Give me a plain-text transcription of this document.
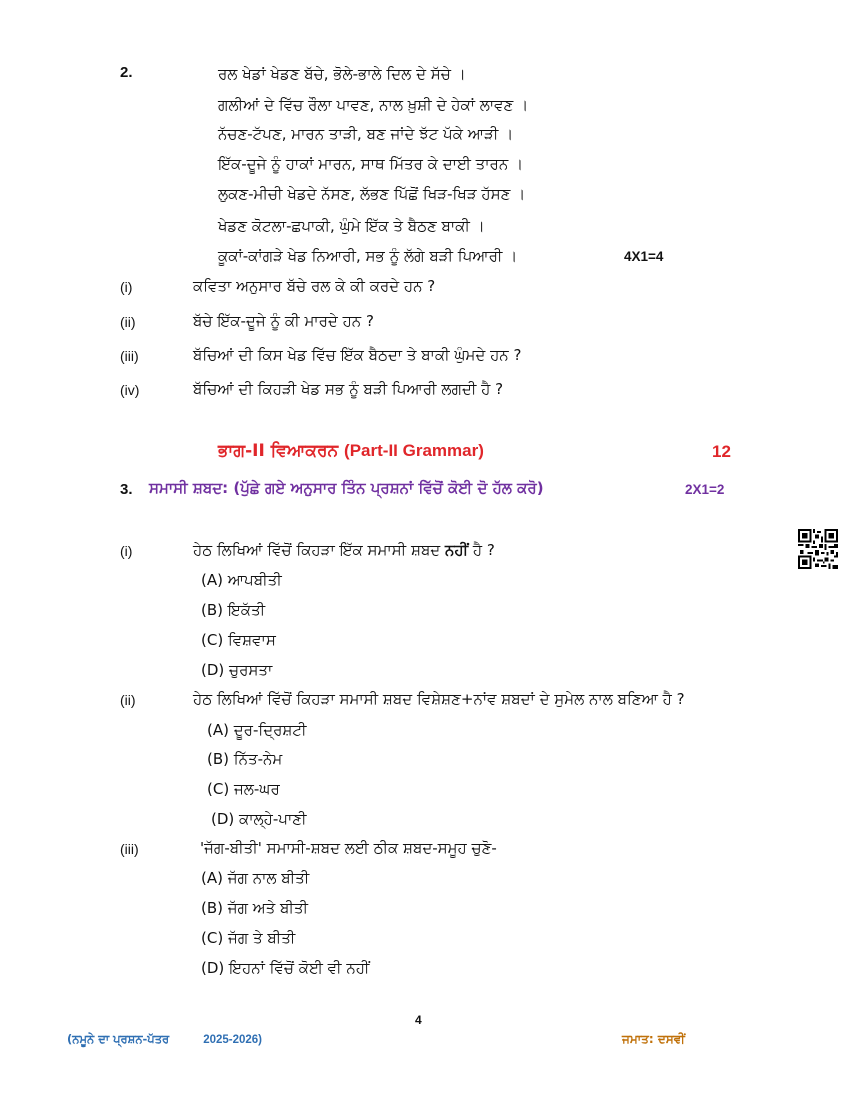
2.	ਰਲ ਖੇਡਾਂ ਖੇਡਣ ਬੱਚੇ, ਭੋਲੇ-ਭਾਲੇ ਦਿਲ ਦੇ ਸੱਚੇ ।
ਗਲੀਆਂ ਦੇ ਵਿੱਚ ਰੌਲਾ ਪਾਵਣ, ਨਾਲ ਖ਼ੁਸ਼ੀ ਦੇ ਹੇਕਾਂ ਲਾਵਣ ।
ਨੱਚਣ-ਟੱਪਣ, ਮਾਰਨ ਤਾੜੀ, ਬਣ ਜਾਂਦੇ ਝੱਟ ਪੱਕੇ ਆੜੀ ।
ਇੱਕ-ਦੂਜੇ ਨੂੰ ਹਾਕਾਂ ਮਾਰਨ, ਸਾਥ ਮਿੱਤਰ ਕੇ ਦਾਈ ਤਾਰਨ ।
ਲੁਕਣ-ਮੀਚੀ ਖੇਡਦੇ ਨੱਸਣ, ਲੱਭਣ ਪਿੱਛੋਂ ਖਿੜ-ਖਿੜ ਹੱਸਣ ।
ਖੇਡਣ ਕੋਟਲਾ-ਛਪਾਕੀ, ਘੁੰਮੇ ਇੱਕ ਤੇ ਬੈਠਣ ਬਾਕੀ ।
ਕੂਕਾਂ-ਕਾਂਗੜੇ ਖੇਡ ਨਿਆਰੀ, ਸਭ ਨੂੰ ਲੱਗੇ ਬੜੀ ਪਿਆਰੀ ।	4X1=4
(i)	ਕਵਿਤਾ ਅਨੁਸਾਰ ਬੱਚੇ ਰਲ ਕੇ ਕੀ ਕਰਦੇ ਹਨ ?
(ii)	ਬੱਚੇ ਇੱਕ-ਦੂਜੇ ਨੂੰ ਕੀ ਮਾਰਦੇ ਹਨ ?
(iii)	ਬੱਚਿਆਂ ਦੀ ਕਿਸ ਖੇਡ ਵਿੱਚ ਇੱਕ ਬੈਠਦਾ ਤੇ ਬਾਕੀ ਘੁੰਮਦੇ ਹਨ ?
(iv)	ਬੱਚਿਆਂ ਦੀ ਕਿਹੜੀ ਖੇਡ ਸਭ ਨੂੰ ਬੜੀ ਪਿਆਰੀ ਲਗਦੀ ਹੈ ?
ਭਾਗ-II ਵਿਆਕਰਨ (Part-II Grammar)	12
3. ਸਮਾਸੀ ਸ਼ਬਦ: (ਪੁੱਛੇ ਗਏ ਅਨੁਸਾਰ ਤਿੰਨ ਪ੍ਰਸ਼ਨਾਂ ਵਿੱਚੋਂ ਕੋਈ ਦੋ ਹੱਲ ਕਰੋ)	2X1=2
(i)	ਹੇਠ ਲਿਖਿਆਂ ਵਿੱਚੋਂ ਕਿਹੜਾ ਇੱਕ ਸਮਾਸੀ ਸ਼ਬਦ ਨਹੀਂ ਹੈ ?
(A) ਆਪਬੀਤੀ
(B) ਇਕੱਤੀ
(C) ਵਿਸ਼ਵਾਸ
(D) ਚੁਰਸਤਾ
(ii)	ਹੇਠ ਲਿਖਿਆਂ ਵਿੱਚੋਂ ਕਿਹੜਾ ਸਮਾਸੀ ਸ਼ਬਦ ਵਿਸ਼ੇਸ਼ਣ+ਨਾਂਵ ਸ਼ਬਦਾਂ ਦੇ ਸੁਮੇਲ ਨਾਲ ਬਣਿਆ ਹੈ ?
(A) ਦੂਰ-ਦ੍ਰਿਸ਼ਟੀ
(B) ਨਿੱਤ-ਨੇਮ
(C) ਜਲ-ਘਰ
(D) ਕਾਲ੍ਹੇ-ਪਾਣੀ
(iii)	'ਜੱਗ-ਬੀਤੀ' ਸਮਾਸੀ-ਸ਼ਬਦ ਲਈ ਠੀਕ ਸ਼ਬਦ-ਸਮੂਹ ਚੁਣੋ-
(A) ਜੱਗ ਨਾਲ ਬੀਤੀ
(B) ਜੱਗ ਅਤੇ ਬੀਤੀ
(C) ਜੱਗ ਤੇ ਬੀਤੀ
(D) ਇਹਨਾਂ ਵਿੱਚੋਂ ਕੋਈ ਵੀ ਨਹੀਂ
4
(ਨਮੂਨੇ ਦਾ ਪ੍ਰਸ਼ਨ-ਪੱਤਰ	2025-2026)	ਜਮਾਤ: ਦਸਵੀਂ
